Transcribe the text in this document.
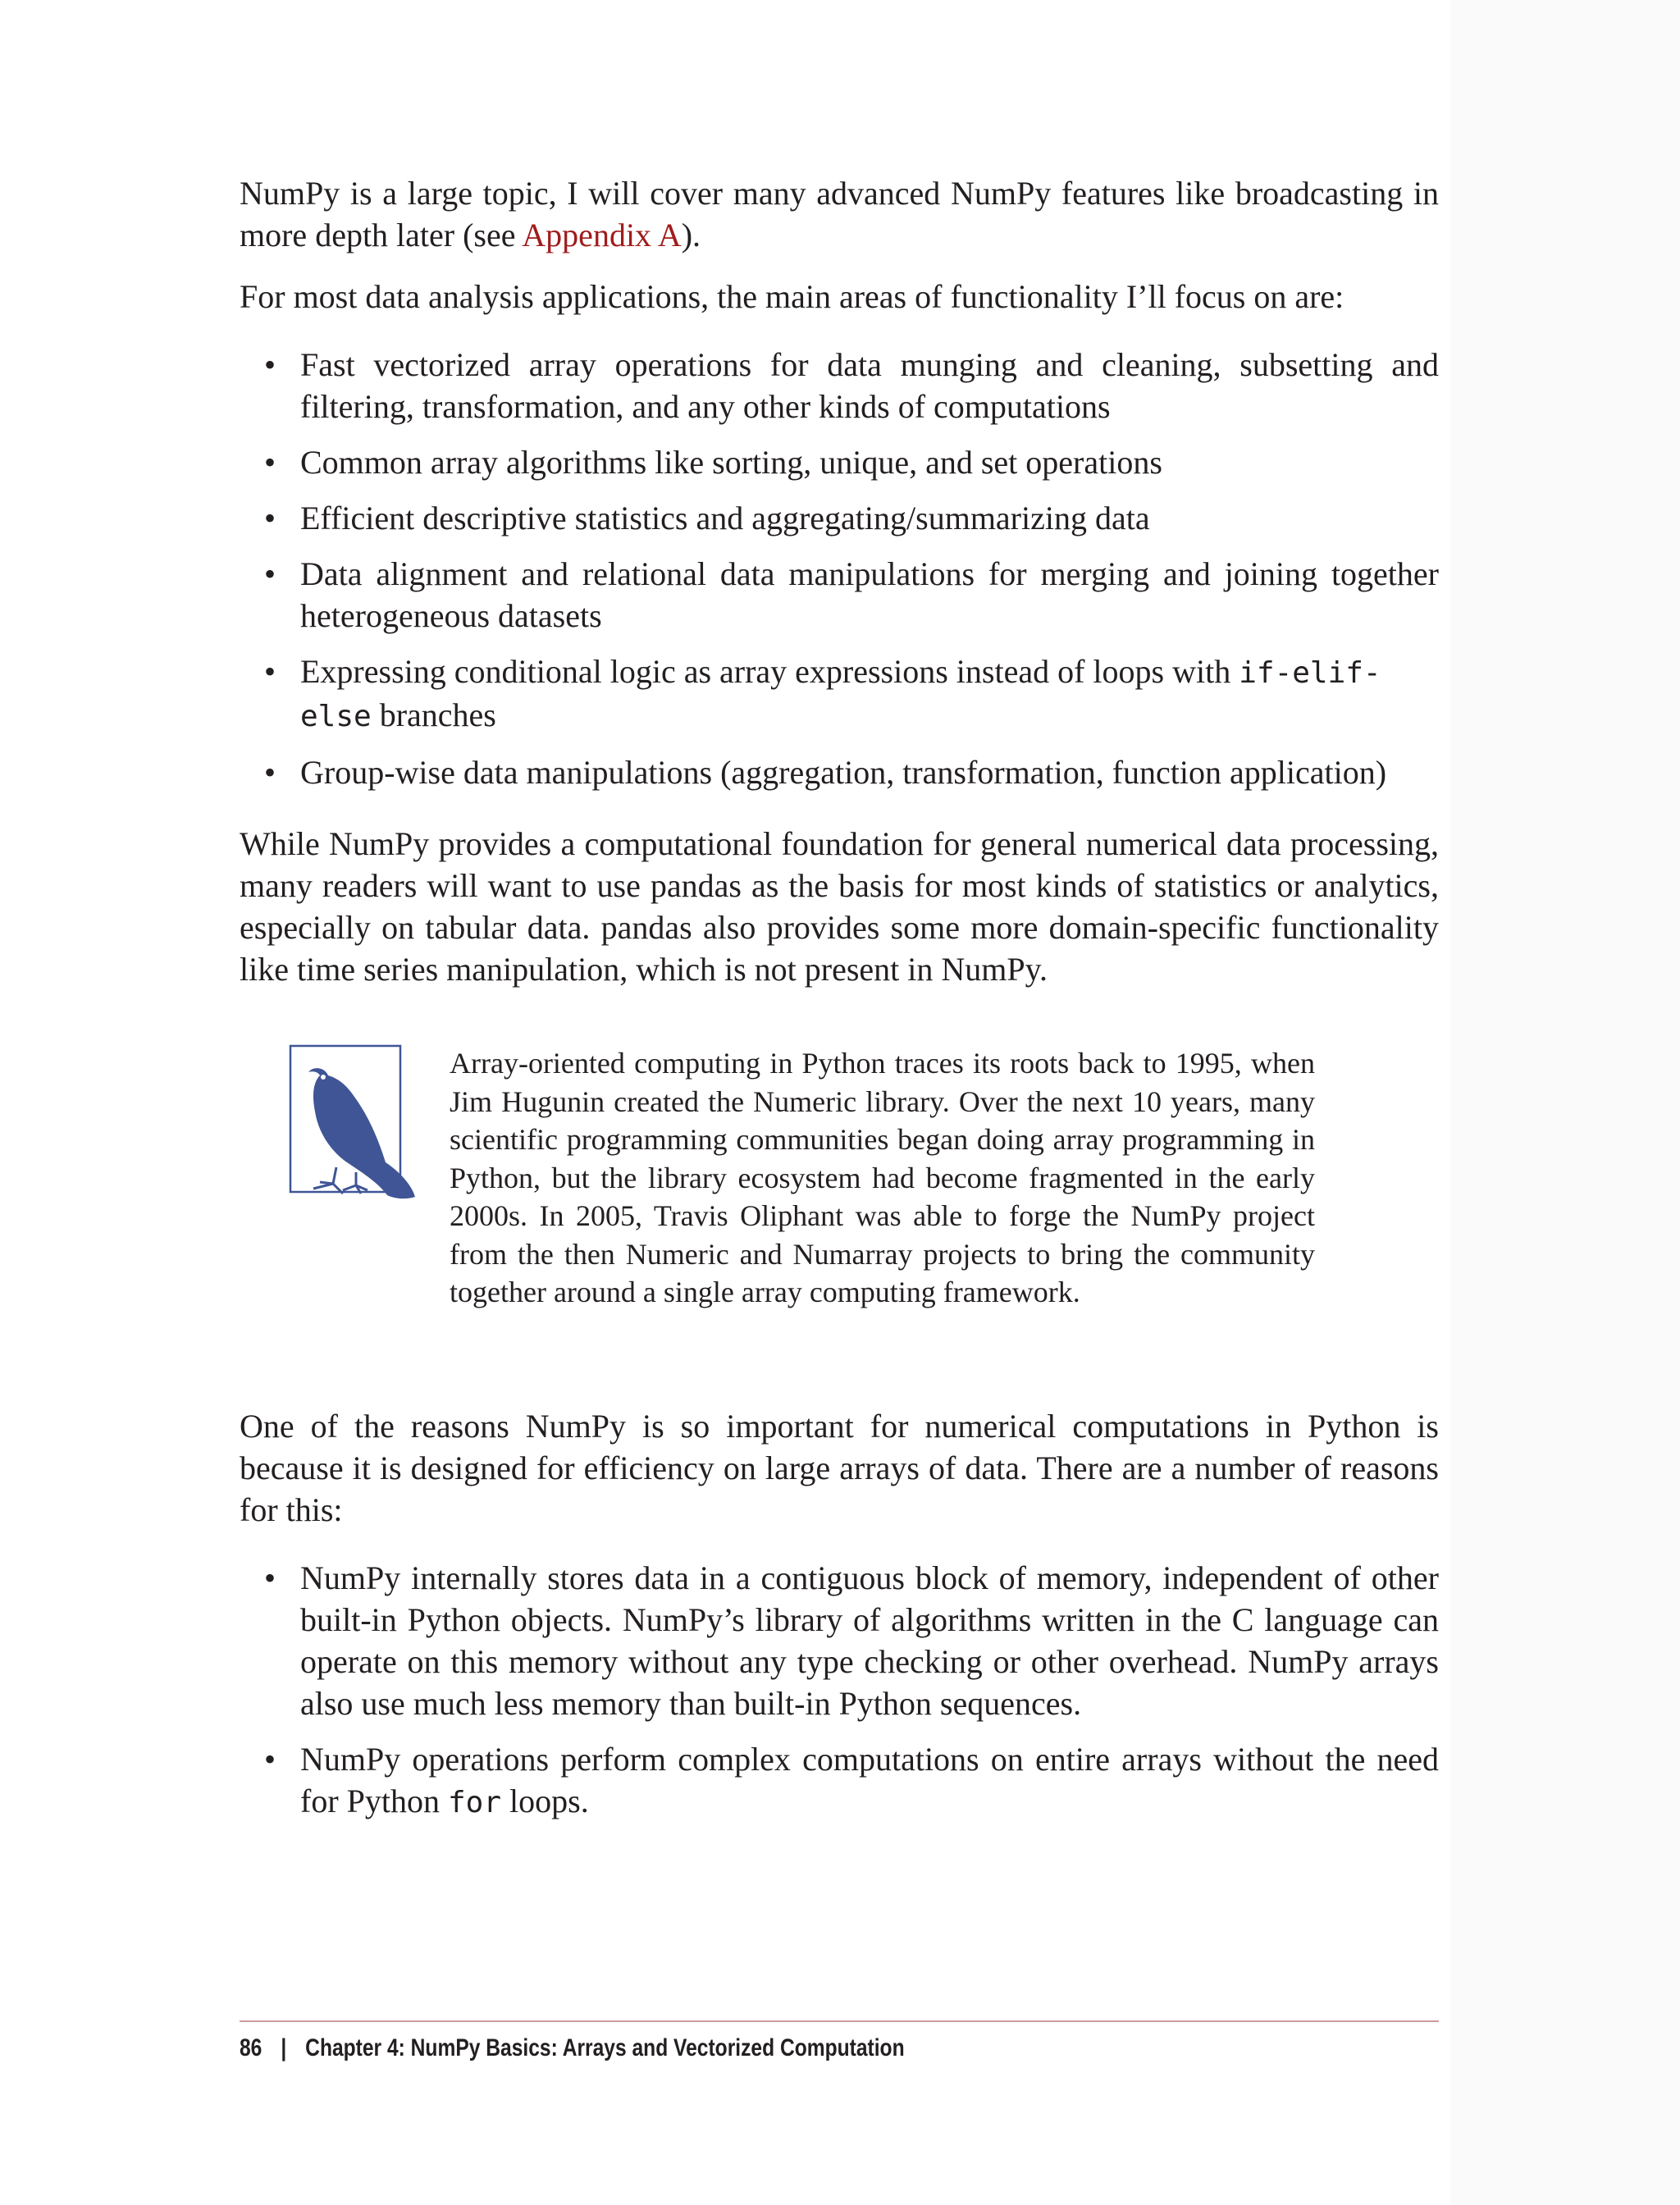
NumPy is a large topic, I will cover many advanced NumPy features like broadcasting in more depth later (see Appendix A).

For most data analysis applications, the main areas of functionality I’ll focus on are:

• Fast vectorized array operations for data munging and cleaning, subsetting and filtering, transformation, and any other kinds of computations
• Common array algorithms like sorting, unique, and set operations
• Efficient descriptive statistics and aggregating/summarizing data
• Data alignment and relational data manipulations for merging and joining together heterogeneous datasets
• Expressing conditional logic as array expressions instead of loops with if-elif-
else branches
• Group-wise data manipulations (aggregation, transformation, function application)

While NumPy provides a computational foundation for general numerical data processing, many readers will want to use pandas as the basis for most kinds of statistics or analytics, especially on tabular data. pandas also provides some more domain-specific functionality like time series manipulation, which is not present in NumPy.

Array-oriented computing in Python traces its roots back to 1995, when Jim Hugunin created the Numeric library. Over the next 10 years, many scientific programming communities began doing array programming in Python, but the library ecosystem had become fragmented in the early 2000s. In 2005, Travis Oliphant was able to forge the NumPy project from the then Numeric and Numarray projects to bring the community together around a single array computing framework.

One of the reasons NumPy is so important for numerical computations in Python is because it is designed for efficiency on large arrays of data. There are a number of reasons for this:

• NumPy internally stores data in a contiguous block of memory, independent of other built-in Python objects. NumPy’s library of algorithms written in the C language can operate on this memory without any type checking or other overhead. NumPy arrays also use much less memory than built-in Python sequences.
• NumPy operations perform complex computations on entire arrays without the need for Python for loops.
86 | Chapter 4: NumPy Basics: Arrays and Vectorized Computation
